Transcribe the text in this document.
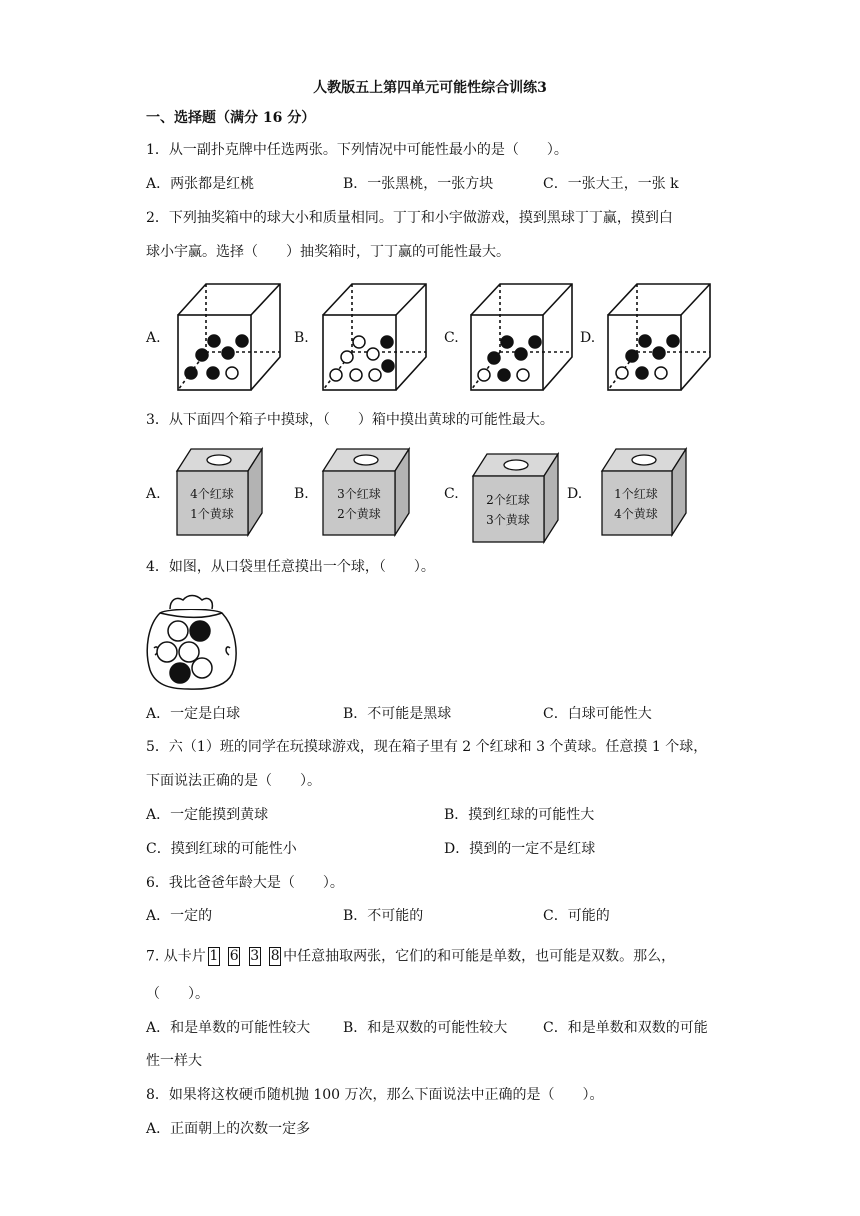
人教版五上第四单元可能性综合训练3
一、选择题（满分 16 分）
1．从一副扑克牌中任选两张。下列情况中可能性最小的是（　　）。
A．两张都是红桃	B．一张黑桃，一张方块	C．一张大王，一张 k
2．下列抽奖箱中的球大小和质量相同。丁丁和小宇做游戏，摸到黑球丁丁赢，摸到白
球小宇赢。选择（　　）抽奖箱时，丁丁赢的可能性最大。
A.	B.	C.	D.
3．从下面四个箱子中摸球，（　　）箱中摸出黄球的可能性最大。
A.	B.	C.	D.
4个红球
1个黄球
3个红球
2个黄球
2个红球
3个黄球
1个红球
4个黄球
4．如图，从口袋里任意摸出一个球，（　　）。
A．一定是白球	B．不可能是黑球	C．白球可能性大
5．六（1）班的同学在玩摸球游戏，现在箱子里有 2 个红球和 3 个黄球。任意摸 1 个球，
下面说法正确的是（　　）。
A．一定能摸到黄球	B．摸到红球的可能性大
C．摸到红球的可能性小	D．摸到的一定不是红球
6．我比爸爸年龄大是（　　）。
A．一定的	B．不可能的	C．可能的
7. 从卡片 1 6 3 8 中任意抽取两张，它们的和可能是单数，也可能是双数。那么，
（　　）。
A．和是单数的可能性较大 B．和是双数的可能性较大	C．和是单数和双数的可能
性一样大
8．如果将这枚硬币随机抛 100 万次，那么下面说法中正确的是（　　）。
A．正面朝上的次数一定多
